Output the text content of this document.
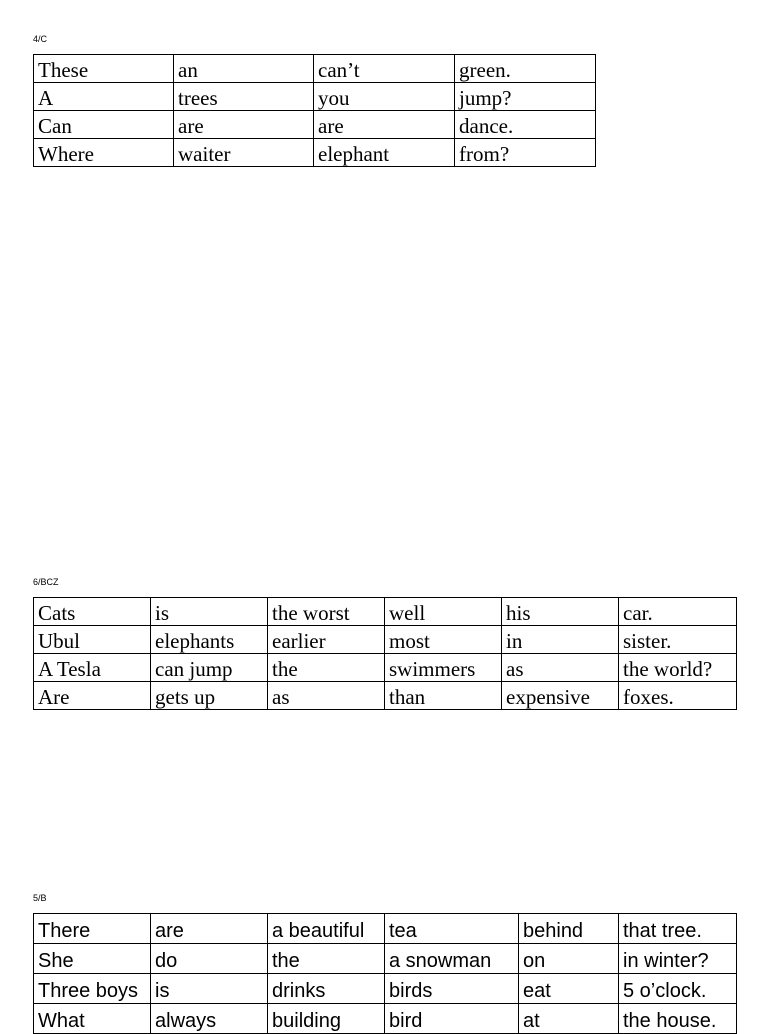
4/C
These	an	can’t	green.
A	trees	you	jump?
Can	are	are	dance.
Where	waiter	elephant	from?
6/BCZ
Cats	is	the worst	well	his	car.
Ubul	elephants	earlier	most	in	sister.
A Tesla	can jump	the	swimmers	as	the world?
Are	gets up	as	than	expensive	foxes.
5/B
There	are	a beautiful	tea	behind	that tree.
She	do	the	a snowman	on	in winter?
Three boys	is	drinks	birds	eat	5 o’clock.
What	always	building	bird	at	the house.
